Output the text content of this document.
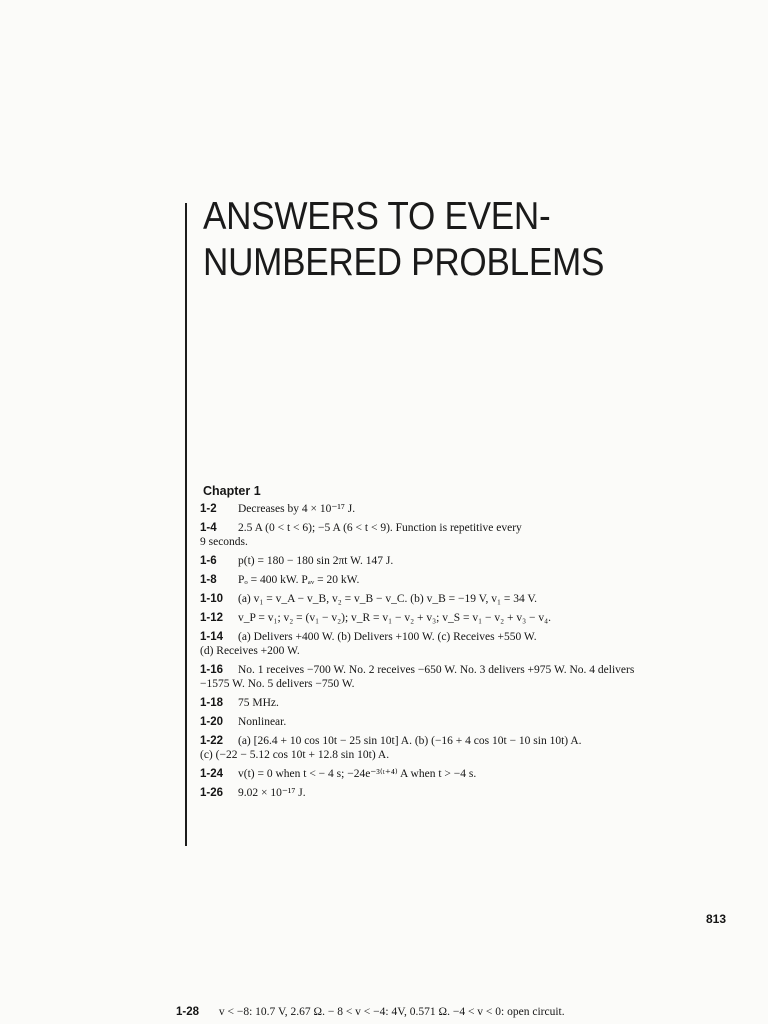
ANSWERS TO EVEN-
NUMBERED PROBLEMS
Chapter 1
1-2 Decreases by 4 × 10⁻¹⁷ J.
1-4 2.5 A (0 < t < 6); −5 A (6 < t < 9). Function is repetitive every
9 seconds.
1-6 p(t) = 180 − 180 sin 2πt W. 147 J.
1-8 Pₒ = 400 kW. Pₐᵥ = 20 kW.
1-10 (a) v₁ = v_A − v_B, v₂ = v_B − v_C. (b) v_B = −19 V, v₁ = 34 V.
1-12 v_P = v₁; v₂ = (v₁ − v₂); v_R = v₁ − v₂ + v₃; v_S = v₁ − v₂ + v₃ − v₄.
1-14 (a) Delivers +400 W. (b) Delivers +100 W. (c) Receives +550 W.
(d) Receives +200 W.
1-16 No. 1 receives −700 W. No. 2 receives −650 W. No. 3 delivers +975 W. No. 4 delivers
−1575 W. No. 5 delivers −750 W.
1-18 75 MHz.
1-20 Nonlinear.
1-22 (a) [26.4 + 10 cos 10t − 25 sin 10t] A. (b) (−16 + 4 cos 10t − 10 sin 10t) A.
(c) (−22 − 5.12 cos 10t + 12.8 sin 10t) A.
1-24 v(t) = 0 when t < − 4 s; −24e⁻³⁽ᵗ⁺⁴⁾ A when t > −4 s.
1-26 9.02 × 10⁻¹⁷ J.
813
1-28 v < −8: 10.7 V, 2.67 Ω. − 8 < v < −4: 4V, 0.571 Ω. −4 < v < 0: open circuit.
